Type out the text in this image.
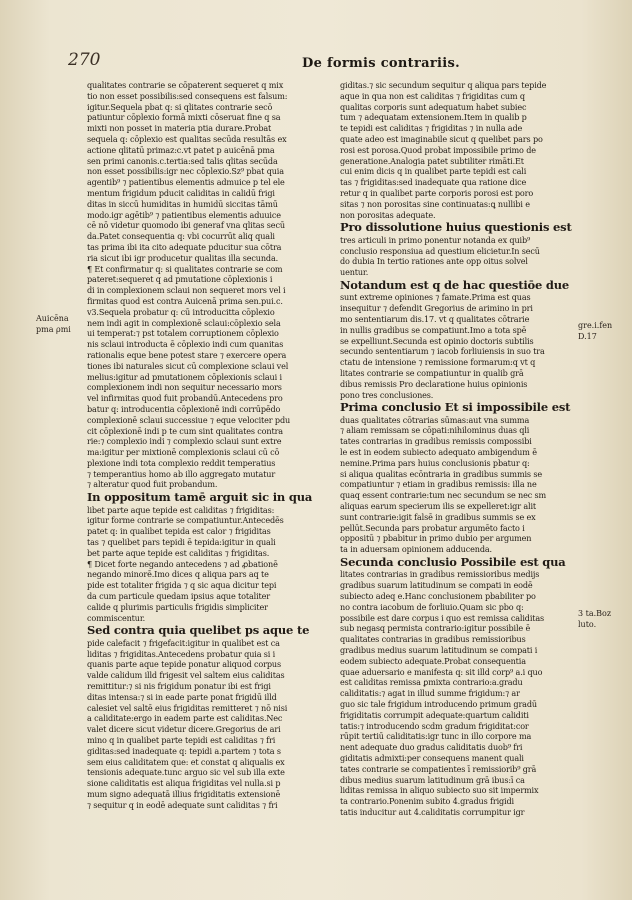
270	De formis contrariis.

qualitates contrarie se cōpaterent sequeret q mix

tio non esset possibilis:sed consequens est falsum:

igitur.Sequela pbat q: si qlitates contrarie secō

patiuntur cōplexio formā mixti cōseruat fine q sa

mixti non posset in materia ptia durare.Probat

sequela q: cōplexio est qualitas secūda resultās ex

actione qlitatū primaz:c.vt patet p auicēnā pma

sen primi canonis.c.tertia:sed talis qlitas secūda

non esset possibilis:igr nec cōplexio.Sz⁹ pbat quia

agentib⁹ ⁊ patientibus elementis admuice p tel ele

mentum frigidum pducit caliditas in calidū frigi

ditas in siccū humiditas in humidū siccitas tāmū

modo.igr agētib⁹ ⁊ patientibus elementis aduuice

cē nō videtur quomodo ibi generaf vna qlitas secū

da.Patet consequentia q: vbi cocurrūt aliq quali

tas prima ibi ita cito adequate pducitur sua cōtra

ria sicut ibi igr producetur qualitas illa secunda.

¶ Et confirmatur q: si qualitates contrarie se com

pateret:sequeret q ad pmutatione cōplexionis i

di in complexionem sclaui non sequeret mors vel i

firmitas quod est contra Auicenā prima sen.pui.c.

v3.Sequela probatur q: cū introducitta cōplexio

nem indi agit in complexionē sclaui:cōplexio sela

ui temperat:⁊ pst totalem corruptionem cōplexio

nis sclaui introducta ē cōplexio indi cum quanitas

rationalis eque bene potest stare ⁊ exercere opera

tiones ibi naturales sicut cū complexione sclaui vel

melius:igitur ad pmutationem cōplexionis sclaui i

complexionem indi non sequitur necessario mors

vel infirmitas quod fuit probandū.Antecedens pro

batur q: introducentia cōplexionē indi corrūpēdo

complexionē sclaui successiue ⁊ eque velociter pdu

cit cōplexionē indi p te cum sint qualitates contra

rie:⁊ complexio indi ⁊ complexio sclaui sunt extre

ma:igitur per mixtionē complexionis sclaui cū cō

plexione indi tota complexio reddit temperatius

⁊ temperantius homo ab illo aggregato mutatur

⁊ alteratur quod fuit probandum.

In oppositum tamē arguit sic in qua

libet parte aque tepide est caliditas ⁊ frigiditas:

igitur forme contrarie se compatiuntur.Antecedēs

patet q: in qualibet tepida est calor ⁊ frigiditas

tas ⁊ quelibet pars tepidi ē tepida:igitur in quali

bet parte aque tepide est caliditas ⁊ frigiditas.

¶ Dicet forte negando antecedens ⁊ ad ꝓbationē

negando minorē.Imo dices q aliqua pars aq te

pide est totaliter frigida ⁊ q sic aqua dicitur tepi

da cum particule quedam ipsius aque totaliter

calide q plurimis particulis frigidis simpliciter

commiscentur.

Sed contra quia quelibet ps aque te

pide calefacit ⁊ frigefacit:igitur in qualibet est ca

liditas ⁊ frigiditas.Antecedens probatur quia si i

quanis parte aque tepide ponatur aliquod corpus

valde calidum illd frigesit vel saltem eius caliditas

remittitur:⁊ si nis frigidum ponatur ibi est frigi

ditas intensa:⁊ si in eade parte ponat frigidū illd

calesiet vel saltē eius frigiditas remitteret ⁊ nō nisi

a caliditate:ergo in eadem parte est caliditas.Nec

valet dicere sicut videtur dicere.Gregorius de ari

mino q in qualibet parte tepidi est caliditas ⁊ fri

giditas:sed inadequate q: tepidi a.partem ⁊ tota s

sem eius caliditatem que: et constat q aliqualis ex

tensionis adequate.tunc arguo sic vel sub illa exte

sione caliditatis est aliqua frigiditas vel nulla.si p

mum signo adequatā illius frigiditatis extensionē

⁊ sequitur q in eodē adequate sunt caliditas ⁊ fri

giditas.⁊ sic secundum sequitur q aliqua pars tepide

aque in qua non est caliditas ⁊ frigiditas cum q

qualitas corporis sunt adequatum habet subiec

tum ⁊ adequatam extensionem.Item in qualib p

te tepidi est caliditas ⁊ frigiditas ⁊ in nulla ade

quate adeo est imaginabile sicut q quelibet pars po

rosi est porosa.Quod probat impossibile primo de

generatione.Analogia patet subtiliter rimāti.Et

cui enim dicis q in qualibet parte tepidi est cali

tas ⁊ frigiditas:sed inadequate qua ratione dice

retur q in qualibet parte corporis porosi est poro

sitas ⁊ non porositas sine continuatas:ꝗ nullibi e

non porositas adequate.

Pro dissolutione huius questionis est

tres articuli in primo ponentur notanda ex quib⁹

conclusio responsiua ad questium elicietur.In secū

do dubia In tertio rationes ante opp oitus solvel

uentur.

Notandum est q de hac questiōe due

sunt extreme opiniones ⁊ famate.Prima est quas

insequitur ⁊ defendit Gregorius de arimino in pri

mo sententiarum dis.17. vt q qualitates cōtrarie

in nullis gradibus se compatiunt.Imo a tota spē

se expelliunt.Secunda est opinio doctoris subtilis

secundo sententiarum ⁊ iacob forliuiensis in suo tra

ctatu de intensione ⁊ remissione formarum:q vt q

litates contrarie se compatiuntur in qualib grā

dibus remissis Pro declaratione huius opinionis

pono tres conclusiones.

Prima conclusio Et si impossibile est

duas qualitates cōtrarias sūmas:aut vna summa

⁊ aliam remissam se cōpati:nihilominus duas qli

tates contrarias in gradibus remissis compossibi

le est in eodem subiecto adequato ambigendum ē

nemine.Prima pars huius conclusionis pbatur q:

si aliqua qualitas ecōntraria in gradibus summis se

compatiuntur ⁊ etiam in gradibus remissis: illa ne

quaq essent contrarie:tum nec secundum se nec sm

aliquas earum specierum ilis se expelleret:igr alit

sunt contrarie:igit falsē in gradibus summis se ex

pellūt.Secunda pars probatur argumēto facto i

oppositū ⁊ pbabitur in primo dubio per argumen

ta in aduersam opinionem adducenda.

Secunda conclusio Possibile est qua

litates contrarias in gradibus remissioribus medijs

gradibus suarum latitudinum se compati in eodē

subiecto adeq e.Hanc conclusionem pbabiliter po

no contra iacobum de forliuio.Quam sic pbo q:

possibile est dare corpus i quo est remissa caliditas

sub negasq permista contrario:igitur possibile ē

qualitates contrarias in gradibus remissioribus

gradibus medius suarum latitudinum se compati i

eodem subiecto adequate.Probat consequentia

quae aduersario e manifesta q: sit illd corp⁹ a.i quo

est caliditas remissa ꝑmixta contrario:a.gradu

caliditatis:⁊ agat in illud summe frigidum:⁊ ar

guo sic tale frigidum introducendo primum gradū

frigiditatis corrumpit adequate:quartum caliditi

tatis:⁊ introducendo scdm gradum frigiditat:cor

rūpit tertiū caliditatis:igr tunc in illo corpore ma

nent adequate duo gradus caliditatis duob⁹ fri

giditatis admixti:per consequens manent quali

tates contrarie se compatientes ī remissiorib⁹ grā

dibus medius suarum latitudinum grā ibus:ī ca

liditas remissa in aliquo subiecto suo sit impermix

ta contrario.Ponenim subito 4.gradus frigidi

tatis inducitur aut 4.caliditatis corrumpitur igr

Auicēna
pma ρmi	gre.i.fen
D.17
3 ta.Boz
luto.
